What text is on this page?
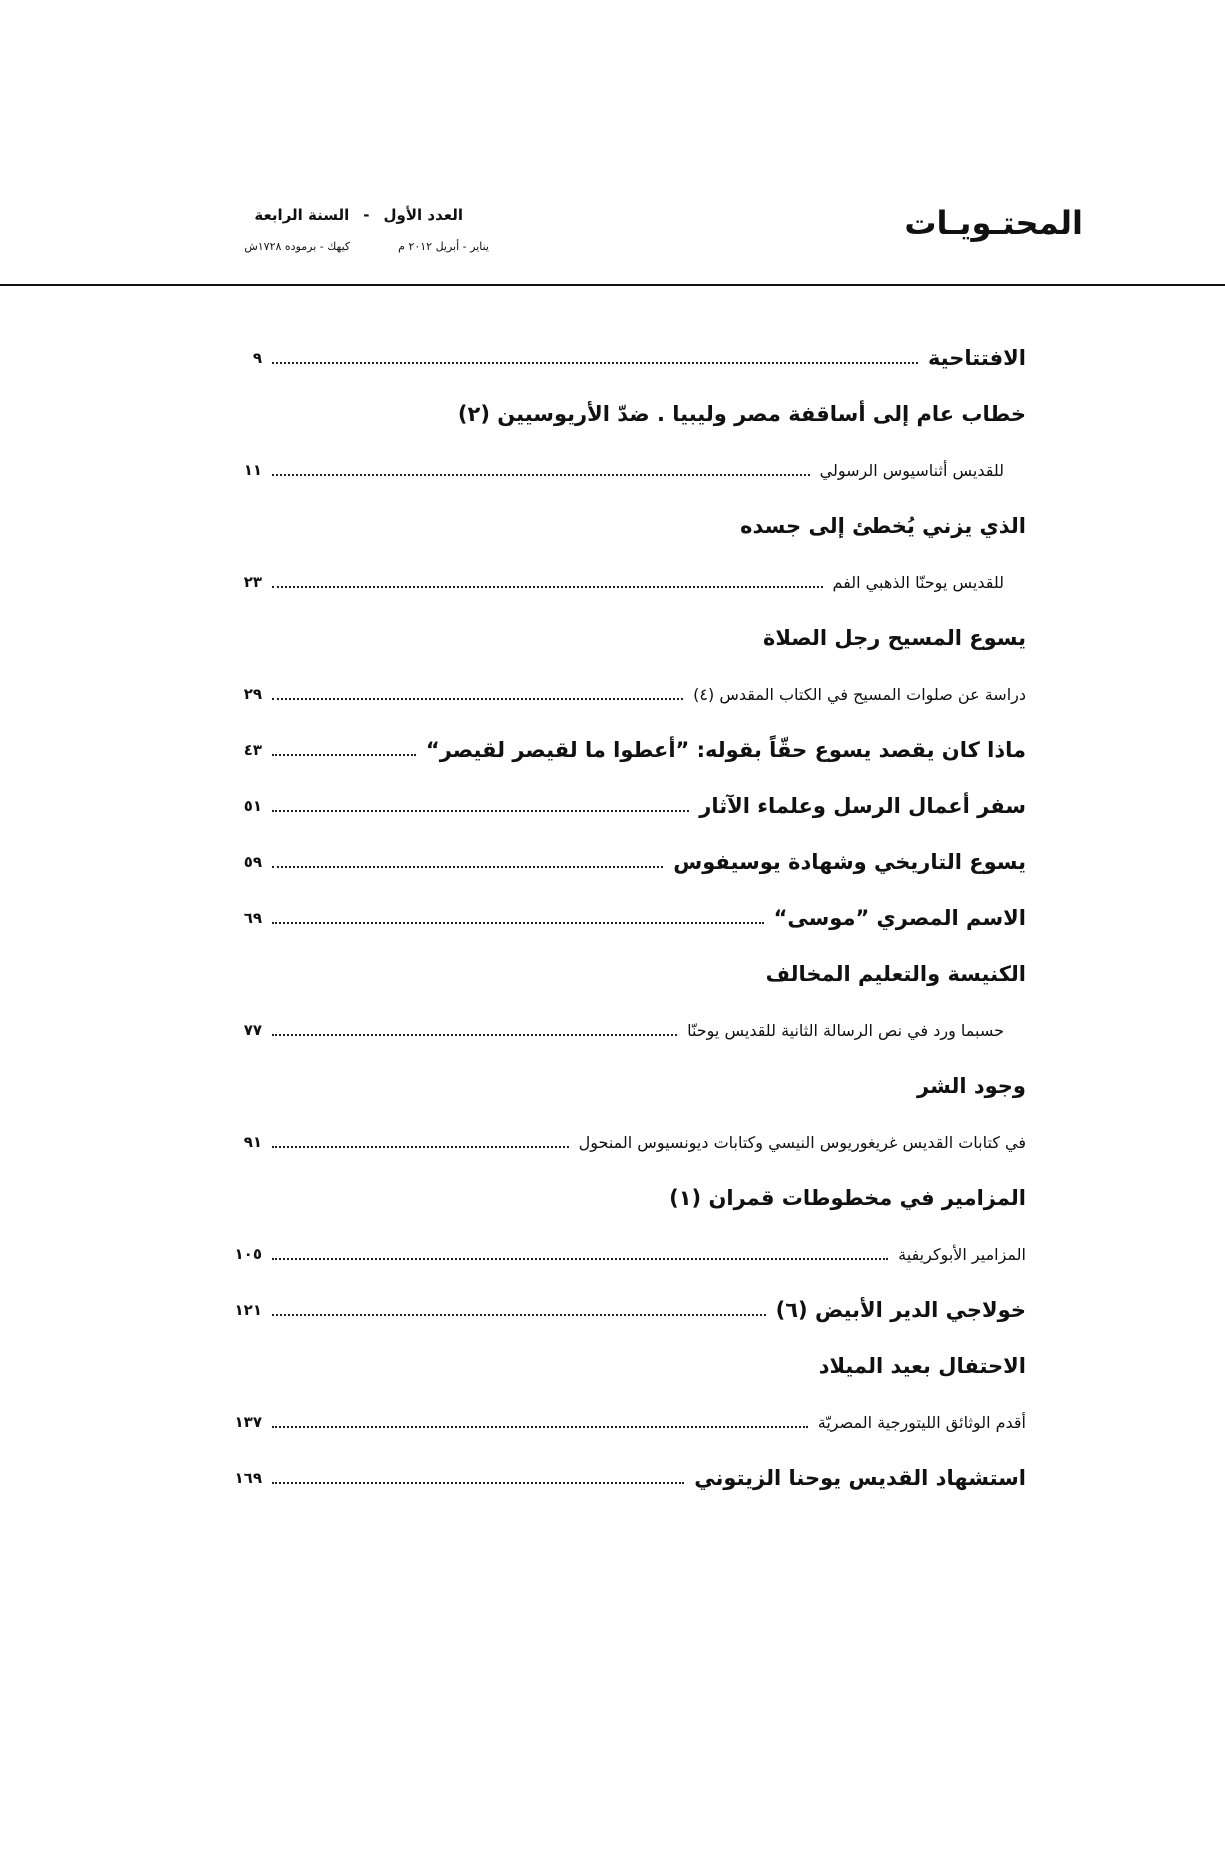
المحتـويـات
العدد الأول-السنة الرابعة
يناير - أبريل ٢٠١٢ مكيهك - برموده ١٧٢٨ش
الافتتاحية
٩
خطاب عام إلى أساقفة مصر وليبيا . ضدّ الأريوسيين (٢)
للقديس أثناسيوس الرسولي
١١
الذي يزني يُخطئ إلى جسده
للقديس يوحنّا الذهبي الفم
٢٣
يسوع المسيح رجل الصلاة
دراسة عن صلوات المسيح في الكتاب المقدس (٤)
٢٩
ماذا كان يقصد يسوع حقّاً بقوله: ”أعطوا ما لقيصر لقيصر“
٤٣
سفر أعمال الرسل وعلماء الآثار
٥١
يسوع التاريخي وشهادة يوسيفوس
٥٩
الاسم المصري ”موسى“
٦٩
الكنيسة والتعليم المخالف
حسبما ورد في نص الرسالة الثانية للقديس يوحنّا
٧٧
وجود الشر
في كتابات القديس غريغوريوس النيسي وكتابات ديونسيوس المنحول
٩١
المزامير في مخطوطات قمران (١)
المزامير الأبوكريفية
١٠٥
خولاجي الدير الأبيض (٦)
١٢١
الاحتفال بعيد الميلاد
أقدم الوثائق الليتورجية المصريّة
١٣٧
استشهاد القديس يوحنا الزيتوني
١٦٩
